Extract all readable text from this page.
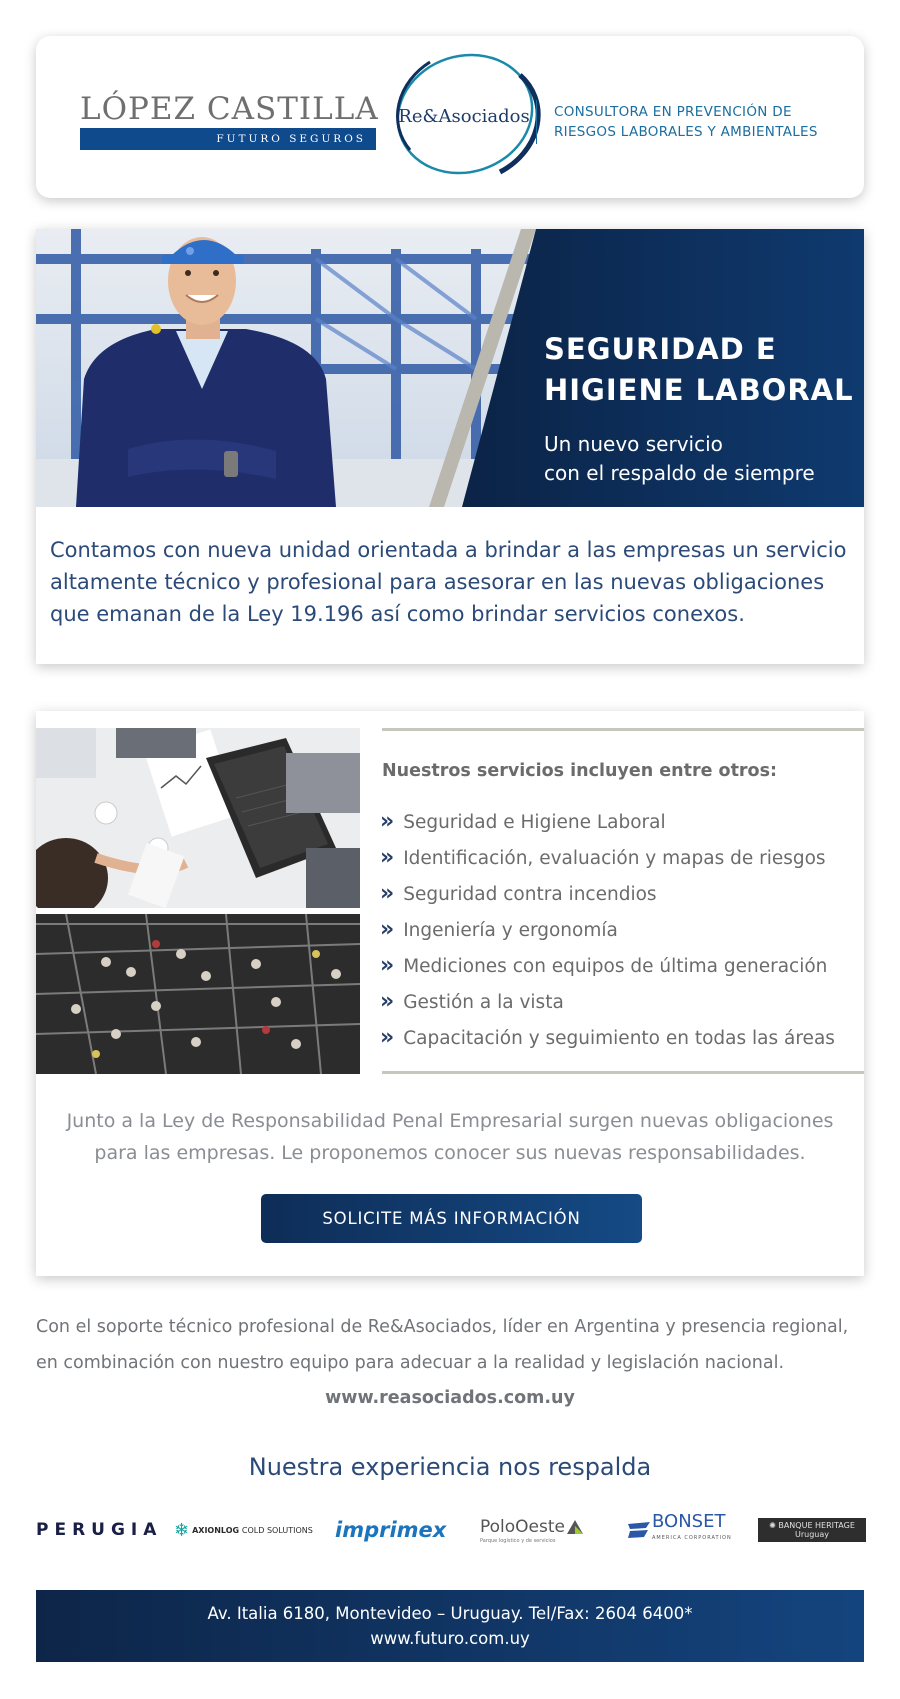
LÓPEZ CASTILLA
FUTURO SEGUROS
Re&Asociados	CONSULTORA EN PREVENCIÓN DE
RIESGOS LABORALES Y AMBIENTALES
SEGURIDAD E
HIGIENE LABORAL
Un nuevo servicio
con el respaldo de siempre
Contamos con nueva unidad orientada a brindar a las empresas un servicio altamente técnico y profesional para asesorar en las nuevas obligaciones que emanan de la Ley 19.196 así como brindar servicios conexos.
Nuestros servicios incluyen entre otros:
» Seguridad e Higiene Laboral
» Identificación, evaluación y mapas de riesgos
» Seguridad contra incendios
» Ingeniería y ergonomía
» Mediciones con equipos de última generación
» Gestión a la vista
» Capacitación y seguimiento en todas las áreas
Junto a la Ley de Responsabilidad Penal Empresarial surgen nuevas obligaciones
para las empresas. Le proponemos conocer sus nuevas responsabilidades.
SOLICITE MÁS INFORMACIÓN
Con el soporte técnico profesional de Re&Asociados, líder en Argentina y presencia regional,
en combinación con nuestro equipo para adecuar a la realidad y legislación nacional.
www.reasociados.com.uy
Nuestra experiencia nos respalda
PERUGIA ❄ AXIONLOG
COLD SOLUTIONS imprimex PoloOeste
Parque logístico y de servicios
BONSET
AMERICA CORPORATION
✺ BANQUE HERITAGE
Uruguay
Av. Italia 6180, Montevideo – Uruguay. Tel/Fax: 2604 6400*
www.futuro.com.uy
